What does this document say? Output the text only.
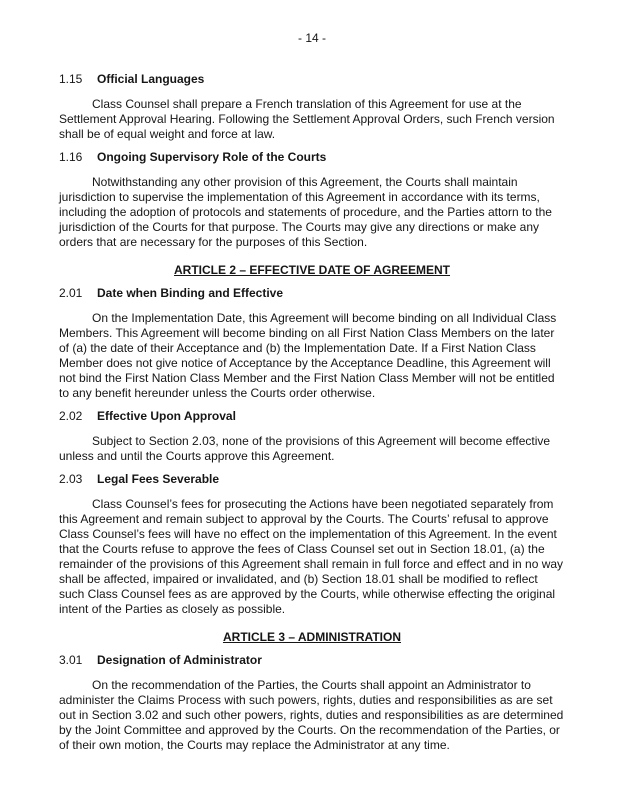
- 14 -
1.15 Official Languages

Class Counsel shall prepare a French translation of this Agreement for use at the Settlement Approval Hearing. Following the Settlement Approval Orders, such French version shall be of equal weight and force at law.

1.16 Ongoing Supervisory Role of the Courts

Notwithstanding any other provision of this Agreement, the Courts shall maintain jurisdiction to supervise the implementation of this Agreement in accordance with its terms, including the adoption of protocols and statements of procedure, and the Parties attorn to the jurisdiction of the Courts for that purpose. The Courts may give any directions or make any orders that are necessary for the purposes of this Section.

ARTICLE 2 – EFFECTIVE DATE OF AGREEMENT
2.01 Date when Binding and Effective

On the Implementation Date, this Agreement will become binding on all Individual Class Members. This Agreement will become binding on all First Nation Class Members on the later of (a) the date of their Acceptance and (b) the Implementation Date. If a First Nation Class Member does not give notice of Acceptance by the Acceptance Deadline, this Agreement will not bind the First Nation Class Member and the First Nation Class Member will not be entitled to any benefit hereunder unless the Courts order otherwise.

2.02 Effective Upon Approval

Subject to Section 2.03, none of the provisions of this Agreement will become effective unless and until the Courts approve this Agreement.

2.03 Legal Fees Severable

Class Counsel’s fees for prosecuting the Actions have been negotiated separately from this Agreement and remain subject to approval by the Courts. The Courts’ refusal to approve Class Counsel’s fees will have no effect on the implementation of this Agreement. In the event that the Courts refuse to approve the fees of Class Counsel set out in Section 18.01, (a) the remainder of the provisions of this Agreement shall remain in full force and effect and in no way shall be affected, impaired or invalidated, and (b) Section 18.01 shall be modified to reflect such Class Counsel fees as are approved by the Courts, while otherwise effecting the original intent of the Parties as closely as possible.

ARTICLE 3 – ADMINISTRATION
3.01 Designation of Administrator

On the recommendation of the Parties, the Courts shall appoint an Administrator to administer the Claims Process with such powers, rights, duties and responsibilities as are set out in Section 3.02 and such other powers, rights, duties and responsibilities as are determined by the Joint Committee and approved by the Courts. On the recommendation of the Parties, or of their own motion, the Courts may replace the Administrator at any time.
